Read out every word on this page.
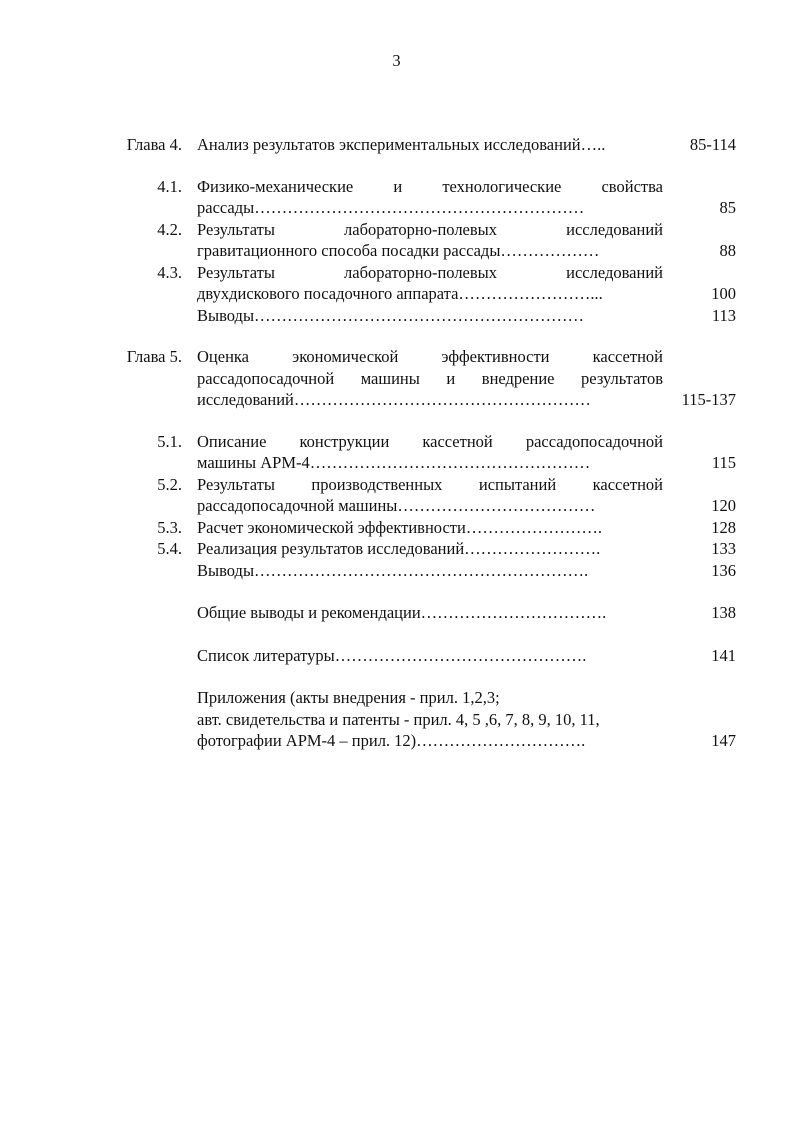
3
Глава 4. Анализ результатов экспериментальных исследований…..	85-114
4.1. Физико-механические и технологические свойства
рассады……………………………………………………	85
4.2. Результаты лабораторно-полевых исследований
гравитационного способа посадки рассады………………	88
4.3. Результаты лабораторно-полевых исследований
двухдискового посадочного аппарата……………………...	100
Выводы……………………………………………………	113
Глава 5. Оценка экономической эффективности кассетной
рассадопосадочной машины и внедрение результатов
исследований………………………………………………	115-137
5.1. Описание конструкции кассетной рассадопосадочной
машины АРМ-4……………………………………………	115
5.2. Результаты производственных испытаний кассетной
рассадопосадочной машины………………………………	120
5.3. Расчет экономической эффективности…………………….	128
5.4. Реализация результатов исследований…………………….	133
Выводы…………………………………………………….	136
Общие выводы и рекомендации…………………………….	138
Список литературы……………………………………….	141
Приложения (акты внедрения - прил. 1,2,3;
авт. свидетельства и патенты - прил. 4, 5 ,6, 7, 8, 9, 10, 11,
фотографии АРМ-4 – прил. 12)………………………….	147
